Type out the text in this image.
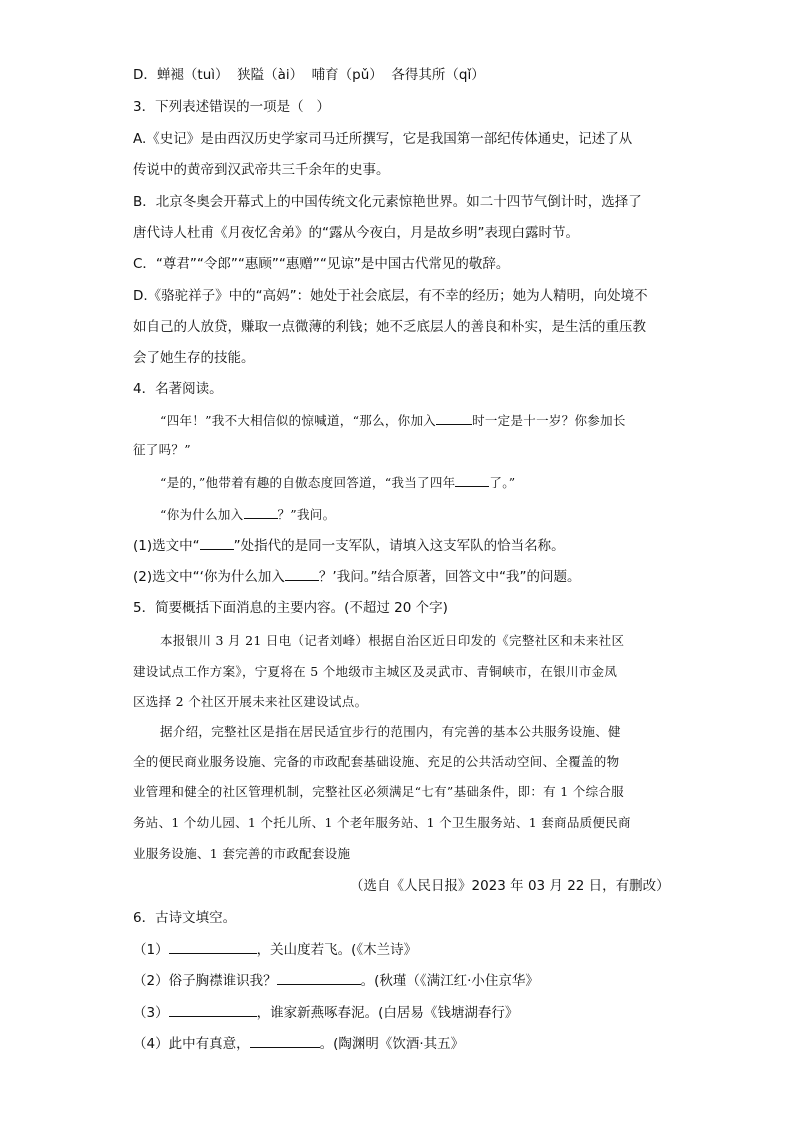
D．蝉褪（tuì）  狭隘（ài）  哺育（pǔ）  各得其所（qǐ）
3．下列表述错误的一项是（   ）
A.《史记》是由西汉历史学家司马迁所撰写，它是我国第一部纪传体通史，记述了从
传说中的黄帝到汉武帝共三千余年的史事。
B．北京冬奥会开幕式上的中国传统文化元素惊艳世界。如二十四节气倒计时，选择了
唐代诗人杜甫《月夜忆舍弟》的“露从今夜白，月是故乡明”表现白露时节。
C．“尊君”“令郎”“惠顾”“惠赠”“见谅”是中国古代常见的敬辞。
D.《骆驼祥子》中的“高妈”：她处于社会底层，有不幸的经历；她为人精明，向处境不
如自己的人放贷，赚取一点微薄的利钱；她不乏底层人的善良和朴实，是生活的重压教
会了她生存的技能。
4．名著阅读。
“四年！”我不大相信似的惊喊道，“那么，你加入	时一定是十一岁？你参加长
征了吗？”
“是的，”他带着有趣的自傲态度回答道，“我当了四年	了。”
“你为什么加入	？”我问。
(1)选文中“	”处指代的是同一支军队，请填入这支军队的恰当名称。
(2)选文中“‘你为什么加入	？’我问。”结合原著，回答文中“我”的问题。
5．简要概括下面消息的主要内容。(不超过 20 个字)
本报银川 3 月 21 日电（记者刘峰）根据自治区近日印发的《完整社区和未来社区
建设试点工作方案》，宁夏将在 5 个地级市主城区及灵武市、青铜峡市，在银川市金凤
区选择 2 个社区开展未来社区建设试点。
据介绍，完整社区是指在居民适宜步行的范围内，有完善的基本公共服务设施、健
全的便民商业服务设施、完备的市政配套基础设施、充足的公共活动空间、全覆盖的物
业管理和健全的社区管理机制，完整社区必须满足“七有”基础条件，即：有 1 个综合服
务站、1 个幼儿园、1 个托儿所、1 个老年服务站、1 个卫生服务站、1 套商品质便民商
业服务设施、1 套完善的市政配套设施
（选自《人民日报》2023 年 03 月 22 日，有删改）
6．古诗文填空。
（1）	，关山度若飞。(《木兰诗》
（2）俗子胸襟谁识我？	。(秋瑾（《满江红·小住京华》
（3）	，谁家新燕啄春泥。(白居易《钱塘湖春行》
（4）此中有真意，	。(陶渊明《饮酒·其五》
